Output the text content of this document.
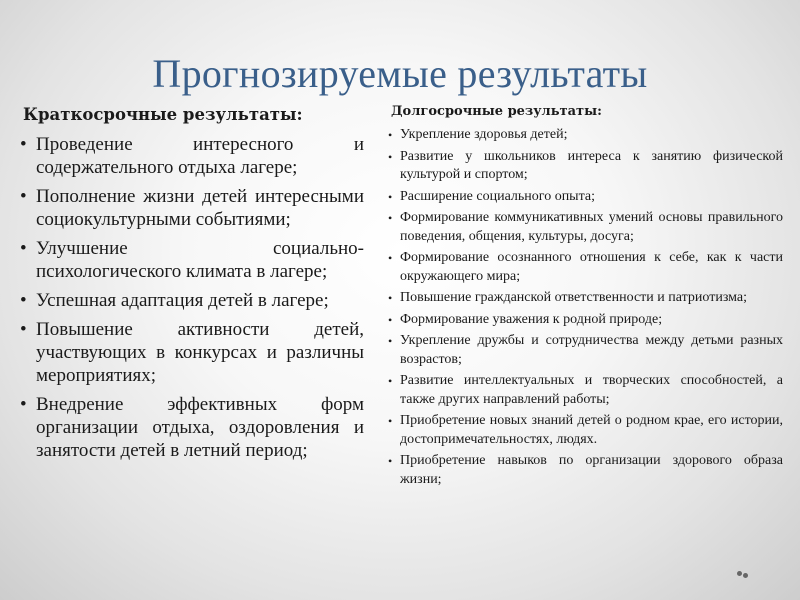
Прогнозируемые результаты
Краткосрочные результаты:
• Проведение интересного и содержательного отдыха лагере;
• Пополнение жизни детей интересными социокультурными событиями;
• Улучшение социально-психологического климата в лагере;
• Успешная адаптация детей в лагере;
• Повышение активности детей, участвующих в конкурсах и различны мероприятиях;
• Внедрение эффективных форм организации отдыха, оздоровления и занятости детей в летний период;
Долгосрочные результаты:
• Укрепление здоровья детей;
• Развитие у школьников интереса к занятию физической культурой и спортом;
• Расширение социального опыта;
• Формирование коммуникативных умений основы правильного поведения, общения, культуры, досуга;
• Формирование осознанного отношения к себе, как к части окружающего мира;
• Повышение гражданской ответственности и патриотизма;
• Формирование уважения к родной природе;
• Укрепление дружбы и сотрудничества между детьми разных возрастов;
• Развитие интеллектуальных и творческих способностей, а также других направлений работы;
• Приобретение новых знаний детей о родном крае, его истории, достопримечательностях, людях.
• Приобретение навыков по организации здорового образа жизни;
